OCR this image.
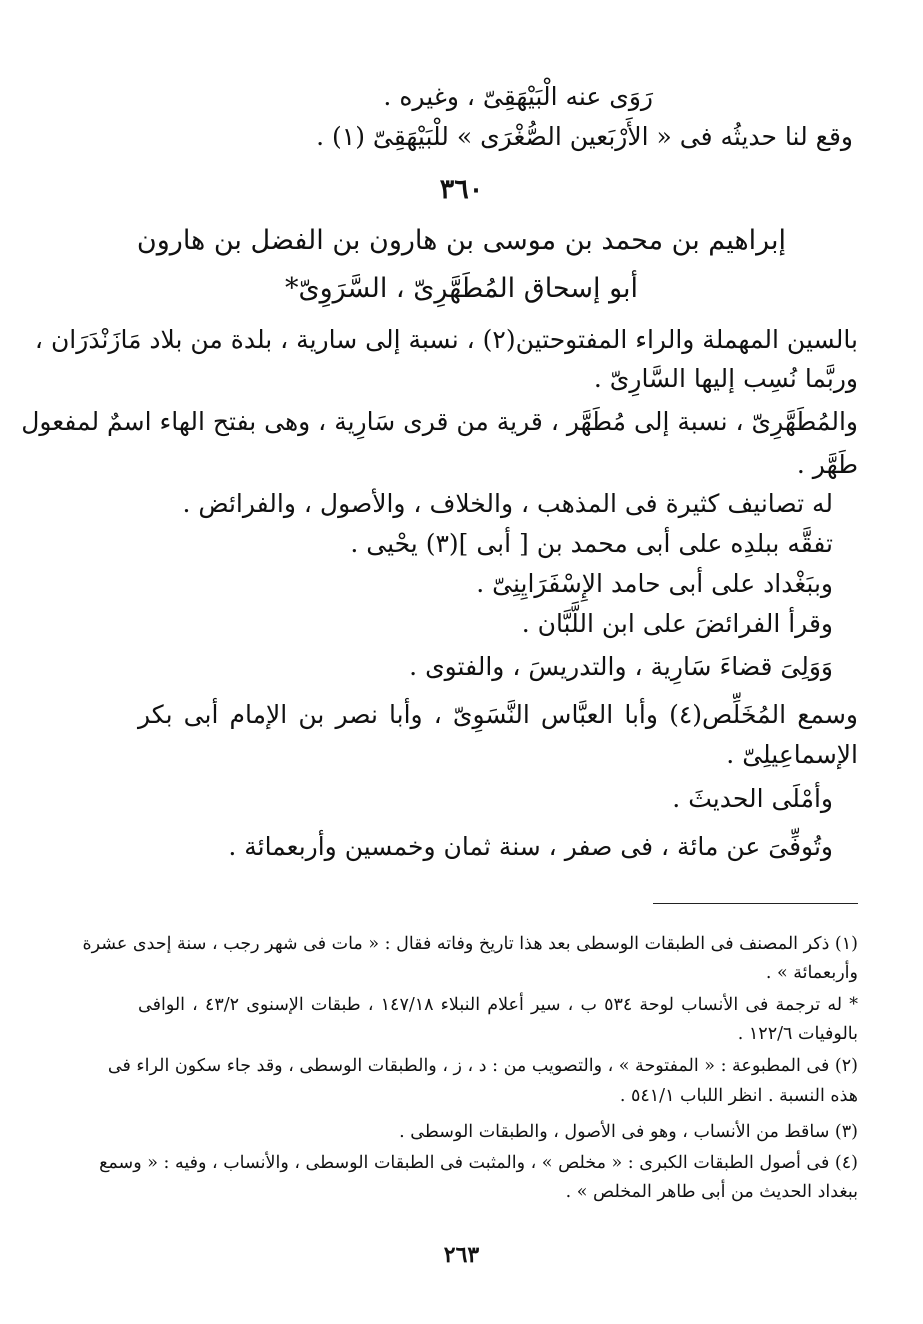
رَوَى عنه الْبَيْهَقِىّ ، وغيره .
وقع لنا حديثُه فى « الأَرْبَعين الصُّغْرَى » للْبَيْهَقِىّ (١) .
٣٦٠
إبراهيم بن محمد بن موسى بن هارون بن الفضل بن هارون
أبو إسحاق المُطَهَّرِىّ ، السَّرَوِىّ*
بالسين المهملة والراء المفتوحتين(٢) ، نسبة إلى سارية ، بلدة من بلاد مَازَنْدَرَان ،
وربَّما نُسِب إليها السَّارِىّ .
والمُطَهَّرِىّ ، نسبة إلى مُطَهَّر ، قرية من قرى سَارِية ، وهى بفتح الهاء اسمٌ لمفعول
طَهَّر .
له تصانيف كثيرة فى المذهب ، والخلاف ، والأصول ، والفرائض .
تفقَّه ببلدِه على أبى محمد بن [ أبى ](٣) يحْيى .
وببَغْداد على أبى حامد الإِسْفَرَايِنِىّ .
وقرأ الفرائضَ على ابن اللَّبَّان .
وَوَلِىَ قضاءَ سَارِية ، والتدريسَ ، والفتوى .
وسمع المُخَلِّص(٤) وأبا العبَّاس النَّسَوِىّ ، وأبا نصر بن الإمام أبى بكر
الإسماعِيلِىّ .
وأمْلَى الحديثَ .
وتُوفِّىَ عن مائة ، فى صفر ، سنة ثمان وخمسين وأربعمائة .
(١) ذكر المصنف فى الطبقات الوسطى بعد هذا تاريخ وفاته فقال : « مات فى شهر رجب ، سنة إحدى عشرة
وأربعمائة » .
* له ترجمة فى الأنساب لوحة ٥٣٤ ب ، سير أعلام النبلاء ١٤٧/١٨ ، طبقات الإسنوى ٤٣/٢ ، الوافى
بالوفيات ١٢٢/٦ .
(٢) فى المطبوعة : « المفتوحة » ، والتصويب من : د ، ز ، والطبقات الوسطى ، وقد جاء سكون الراء فى
هذه النسبة . انظر اللباب ٥٤١/١ .
(٣) ساقط من الأنساب ، وهو فى الأصول ، والطبقات الوسطى .
(٤) فى أصول الطبقات الكبرى : « مخلص » ، والمثبت فى الطبقات الوسطى ، والأنساب ، وفيه : « وسمع
ببغداد الحديث من أبى طاهر المخلص » .
٢٦٣
